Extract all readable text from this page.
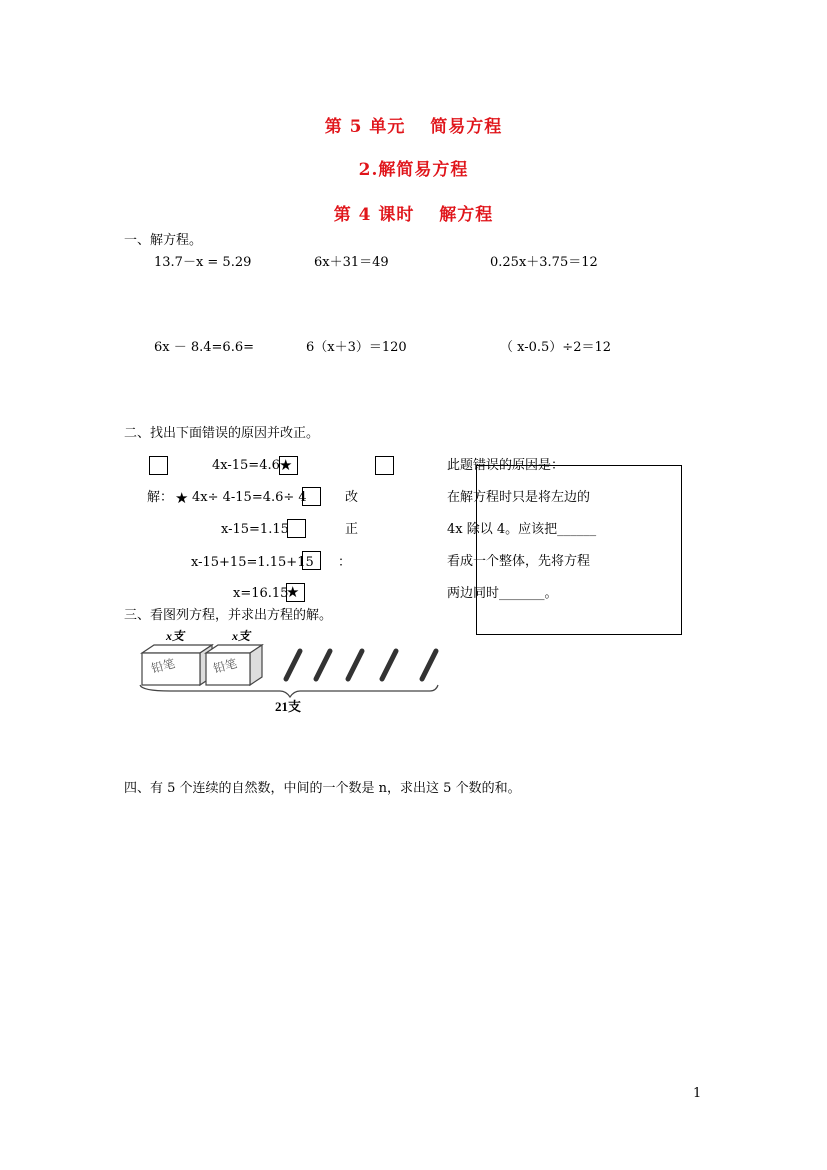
第 5 单元　 简易方程
2.解简易方程
第 4 课时　 解方程
一、解方程。
13.7－x = 5.29	6x＋31＝49	0.25x＋3.75＝12
6x － 8.4=6.6=	6（x＋3）＝120	（ x-0.5）÷2＝12
二、找出下面错误的原因并改正。
4x-15=4.6 ★
解： ★ 4x÷ 4-15=4.6÷ 4	改
x-15=1.15	正
x-15+15=1.15+15 ：
x=16.15
★
此题错误的原因是：
在解方程时只是将左边的
4x 除以 4。应该把______
看成一个整体，先将方程
两边同时_______。
三、看图列方程，并求出方程的解。
x支
铅笔
x支
铅笔
21支
四、有 5 个连续的自然数，中间的一个数是 n，求出这 5 个数的和。
1
